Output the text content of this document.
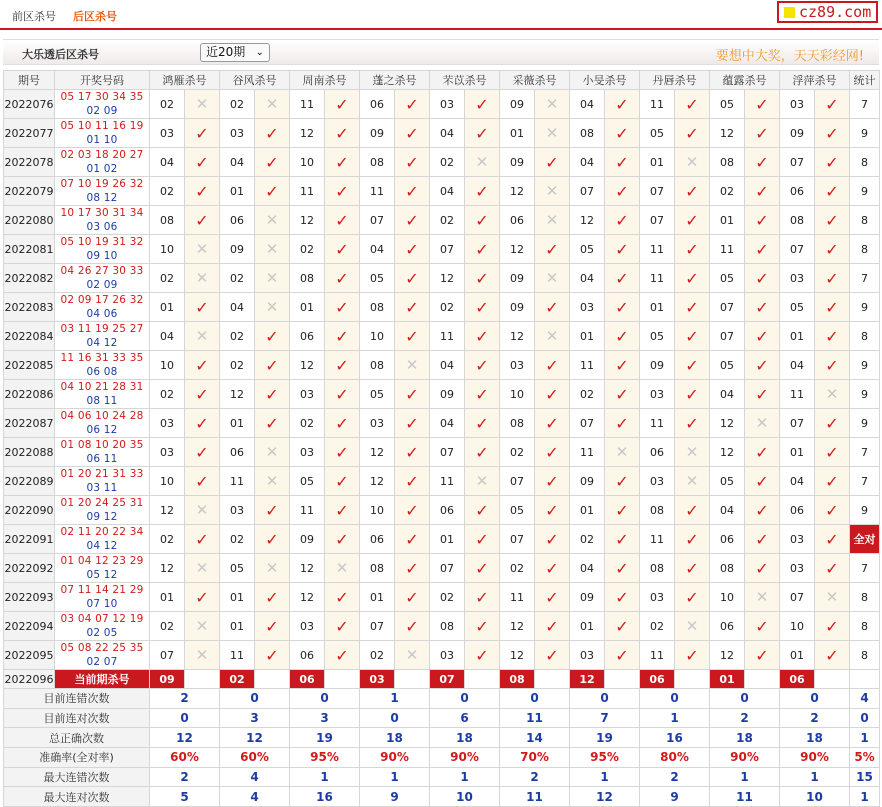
前区杀号 后区杀号	cz89.com
大乐透后区杀号	近20期 ⌄	要想中大奖，天天彩经网!
期号	开奖号码	鸿雁杀号		谷风杀号		周南杀号		蓬之杀号		芣苡杀号		采薇杀号		小旻杀号		丹唇杀号		蕴露杀号		浮萍杀号		统计
2022076	05 17 30 34 35
02 09	02	✕	02	✕	11	✓	06	✓	03	✓	09	✕	04	✓	11	✓	05	✓	03	✓	7
2022077	05 10 11 16 19
01 10	03	✓	03	✓	12	✓	09	✓	04	✓	01	✕	08	✓	05	✓	12	✓	09	✓	9
2022078	02 03 18 20 27
01 02	04	✓	04	✓	10	✓	08	✓	02	✕	09	✓	04	✓	01	✕	08	✓	07	✓	8
2022079	07 10 19 26 32
08 12	02	✓	01	✓	11	✓	11	✓	04	✓	12	✕	07	✓	07	✓	02	✓	06	✓	9
2022080	10 17 30 31 34
03 06	08	✓	06	✕	12	✓	07	✓	02	✓	06	✕	12	✓	07	✓	01	✓	08	✓	8
2022081	05 10 19 31 32
09 10	10	✕	09	✕	02	✓	04	✓	07	✓	12	✓	05	✓	11	✓	11	✓	07	✓	8
2022082	04 26 27 30 33
02 09	02	✕	02	✕	08	✓	05	✓	12	✓	09	✕	04	✓	11	✓	05	✓	03	✓	7
2022083	02 09 17 26 32
04 06	01	✓	04	✕	01	✓	08	✓	02	✓	09	✓	03	✓	01	✓	07	✓	05	✓	9
2022084	03 11 19 25 27
04 12	04	✕	02	✓	06	✓	10	✓	11	✓	12	✕	01	✓	05	✓	07	✓	01	✓	8
2022085	11 16 31 33 35
06 08	10	✓	02	✓	12	✓	08	✕	04	✓	03	✓	11	✓	09	✓	05	✓	04	✓	9
2022086	04 10 21 28 31
08 11	02	✓	12	✓	03	✓	05	✓	09	✓	10	✓	02	✓	03	✓	04	✓	11	✕	9
2022087	04 06 10 24 28
06 12	03	✓	01	✓	02	✓	03	✓	04	✓	08	✓	07	✓	11	✓	12	✕	07	✓	9
2022088	01 08 10 20 35
06 11	03	✓	06	✕	03	✓	12	✓	07	✓	02	✓	11	✕	06	✕	12	✓	01	✓	7
2022089	01 20 21 31 33
03 11	10	✓	11	✕	05	✓	12	✓	11	✕	07	✓	09	✓	03	✕	05	✓	04	✓	7
2022090	01 20 24 25 31
09 12	12	✕	03	✓	11	✓	10	✓	06	✓	05	✓	01	✓	08	✓	04	✓	06	✓	9
2022091	02 11 20 22 34
04 12	02	✓	02	✓	09	✓	06	✓	01	✓	07	✓	02	✓	11	✓	06	✓	03	✓	全对
2022092	01 04 12 23 29
05 12	12	✕	05	✕	12	✕	08	✓	07	✓	02	✓	04	✓	08	✓	08	✓	03	✓	7
2022093	07 11 14 21 29
07 10	01	✓	01	✓	12	✓	01	✓	02	✓	11	✓	09	✓	03	✓	10	✕	07	✕	8
2022094	03 04 07 12 19
02 05	02	✕	01	✓	03	✓	07	✓	08	✓	12	✓	01	✓	02	✕	06	✓	10	✓	8
2022095	05 08 22 25 35
02 07	07	✕	11	✓	06	✓	02	✕	03	✓	12	✓	03	✓	11	✓	12	✓	01	✓	8
2022096	当前期杀号	09		02		06		03		07		08		12		06		01		06		
目前连错次数		2		0		0		1		0		0		0		0		0		0		4
目前连对次数		0		3		3		0		6		11		7		1		2		2		0
总正确次数		12		12		19		18		18		14		19		16		18		18		1
准确率(全对率)		60%		60%		95%		90%		90%		70%		95%		80%		90%		90%		5%
最大连错次数		2		4		1		1		1		2		1		2		1		1		15
最大连对次数		5		4		16		9		10		11		12		9		11		10		1
